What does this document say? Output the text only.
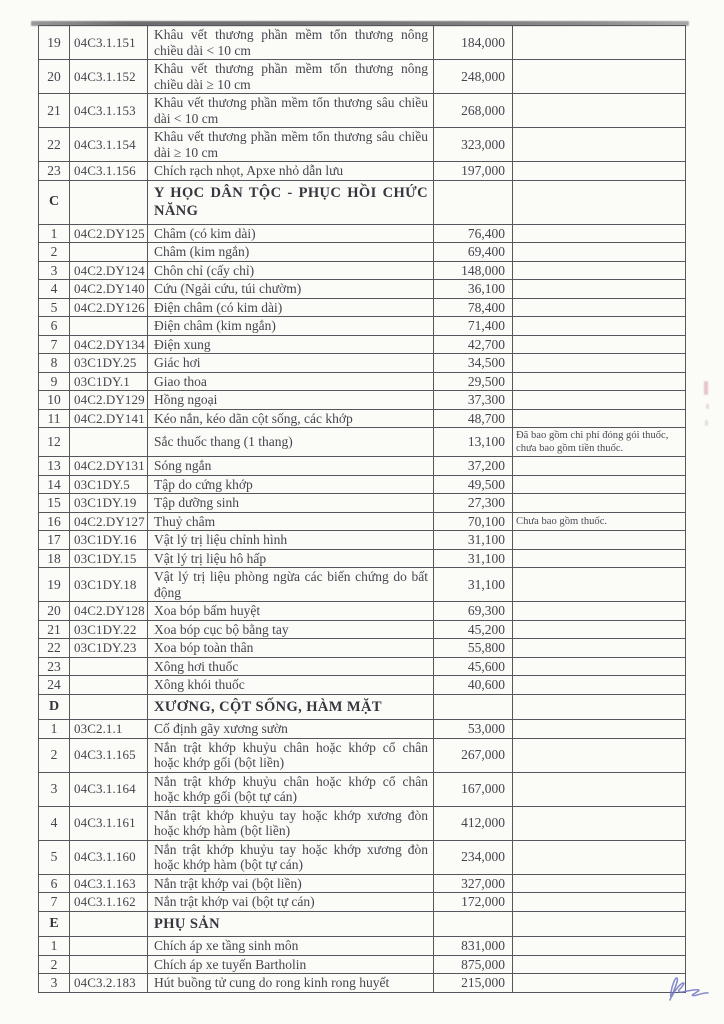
19	04C3.1.151	Khâu vết thương phần mềm tổn thương nông chiều dài < 10 cm	184,000	
20	04C3.1.152	Khâu vết thương phần mềm tổn thương nông chiều dài ≥ 10 cm	248,000	
21	04C3.1.153	Khâu vết thương phần mềm tổn thương sâu chiều dài < 10 cm	268,000	
22	04C3.1.154	Khâu vết thương phần mềm tổn thương sâu chiều dài ≥ 10 cm	323,000	
23	04C3.1.156	Chích rạch nhọt, Apxe nhỏ dẫn lưu	197,000	
C		Y HỌC DÂN TỘC - PHỤC HỒI CHỨC NĂNG		
1	04C2.DY125	Châm (có kim dài)	76,400	
2		Châm (kim ngắn)	69,400	
3	04C2.DY124	Chôn chỉ (cấy chỉ)	148,000	
4	04C2.DY140	Cứu (Ngải cứu, túi chườm)	36,100	
5	04C2.DY126	Điện châm (có kim dài)	78,400	
6		Điện châm (kim ngắn)	71,400	
7	04C2.DY134	Điện xung	42,700	
8	03C1DY.25	Giác hơi	34,500	
9	03C1DY.1	Giao thoa	29,500	
10	04C2.DY129	Hồng ngoại	37,300	
11	04C2.DY141	Kéo nắn, kéo dãn cột sống, các khớp	48,700	
12		Sắc thuốc thang (1 thang)	13,100	Đã bao gồm chi phí đóng gói thuốc, chưa bao gồm tiền thuốc.
13	04C2.DY131	Sóng ngắn	37,200	
14	03C1DY.5	Tập do cứng khớp	49,500	
15	03C1DY.19	Tập dưỡng sinh	27,300	
16	04C2.DY127	Thuỷ châm	70,100	Chưa bao gồm thuốc.
17	03C1DY.16	Vật lý trị liệu chỉnh hình	31,100	
18	03C1DY.15	Vật lý trị liệu hô hấp	31,100	
19	03C1DY.18	Vật lý trị liệu phòng ngừa các biến chứng do bất động	31,100	
20	04C2.DY128	Xoa bóp bấm huyệt	69,300	
21	03C1DY.22	Xoa bóp cục bộ bằng tay	45,200	
22	03C1DY.23	Xoa bóp toàn thân	55,800	
23		Xông hơi thuốc	45,600	
24		Xông khói thuốc	40,600	
D		XƯƠNG, CỘT SỐNG, HÀM MẶT		
1	03C2.1.1	Cố định gãy xương sườn	53,000	
2	04C3.1.165	Nắn trật khớp khuỷu chân hoặc khớp cổ chân hoặc khớp gối (bột liền)	267,000	
3	04C3.1.164	Nắn trật khớp khuỷu chân hoặc khớp cổ chân hoặc khớp gối (bột tự cán)	167,000	
4	04C3.1.161	Nắn trật khớp khuỷu tay hoặc khớp xương đòn hoặc khớp hàm (bột liền)	412,000	
5	04C3.1.160	Nắn trật khớp khuỷu tay hoặc khớp xương đòn hoặc khớp hàm (bột tự cán)	234,000	
6	04C3.1.163	Nắn trật khớp vai (bột liền)	327,000	
7	04C3.1.162	Nắn trật khớp vai (bột tự cán)	172,000	
E		PHỤ SẢN		
1		Chích áp xe tầng sinh môn	831,000	
2		Chích áp xe tuyến Bartholin	875,000	
3	04C3.2.183	Hút buồng tử cung do rong kinh rong huyết	215,000	
